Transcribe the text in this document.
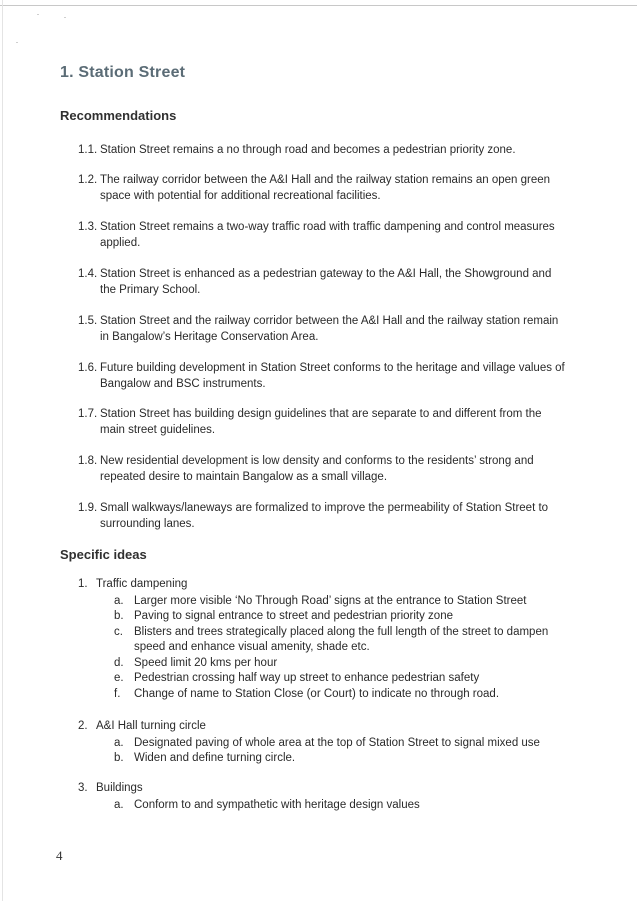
1. Station Street
Recommendations
1.1. Station Street remains a no through road and becomes a pedestrian priority zone.
1.2. The railway corridor between the A&I Hall and the railway station remains an open green space with potential for additional recreational facilities.
1.3. Station Street remains a two-way traffic road with traffic dampening and control measures applied.
1.4. Station Street is enhanced as a pedestrian gateway to the A&I Hall, the Showground and the Primary School.
1.5. Station Street and the railway corridor between the A&I Hall and the railway station remain in Bangalow’s Heritage Conservation Area.
1.6. Future building development in Station Street conforms to the heritage and village values of Bangalow and BSC instruments.
1.7. Station Street has building design guidelines that are separate to and different from the main street guidelines.
1.8. New residential development is low density and conforms to the residents’ strong and repeated desire to maintain Bangalow as a small village.
1.9. Small walkways/laneways are formalized to improve the permeability of Station Street to surrounding lanes.
Specific ideas
1. Traffic dampening
a. Larger more visible ‘No Through Road’ signs at the entrance to Station Street
b. Paving to signal entrance to street and pedestrian priority zone
c. Blisters and trees strategically placed along the full length of the street to dampen speed and enhance visual amenity, shade etc.
d. Speed limit 20 kms per hour
e. Pedestrian crossing half way up street to enhance pedestrian safety
f. Change of name to Station Close (or Court) to indicate no through road.
2. A&I Hall turning circle
a. Designated paving of whole area at the top of Station Street to signal mixed use
b. Widen and define turning circle.
3. Buildings
a. Conform to and sympathetic with heritage design values
4
